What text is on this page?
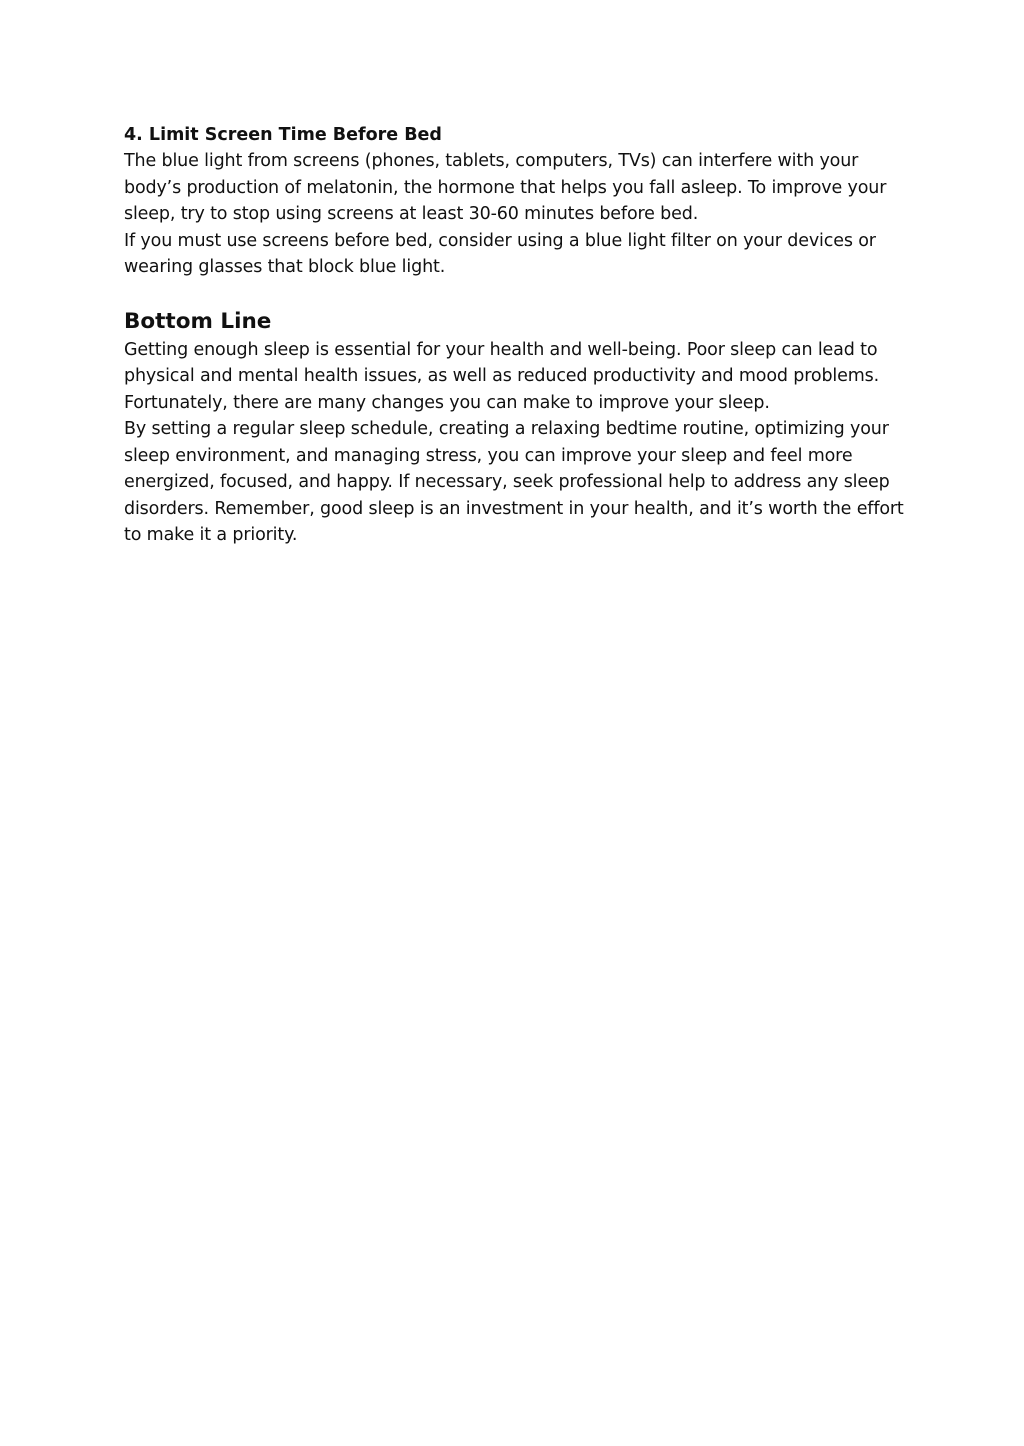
4. Limit Screen Time Before Bed

The blue light from screens (phones, tablets, computers, TVs) can interfere with your body’s production of melatonin, the hormone that helps you fall asleep. To improve your sleep, try to stop using screens at least 30-60 minutes before bed.

If you must use screens before bed, consider using a blue light filter on your devices or wearing glasses that block blue light.

Bottom Line

Getting enough sleep is essential for your health and well-being. Poor sleep can lead to physical and mental health issues, as well as reduced productivity and mood problems. Fortunately, there are many changes you can make to improve your sleep.

By setting a regular sleep schedule, creating a relaxing bedtime routine, optimizing your sleep environment, and managing stress, you can improve your sleep and feel more energized, focused, and happy. If necessary, seek professional help to address any sleep disorders. Remember, good sleep is an investment in your health, and it’s worth the effort to make it a priority.
